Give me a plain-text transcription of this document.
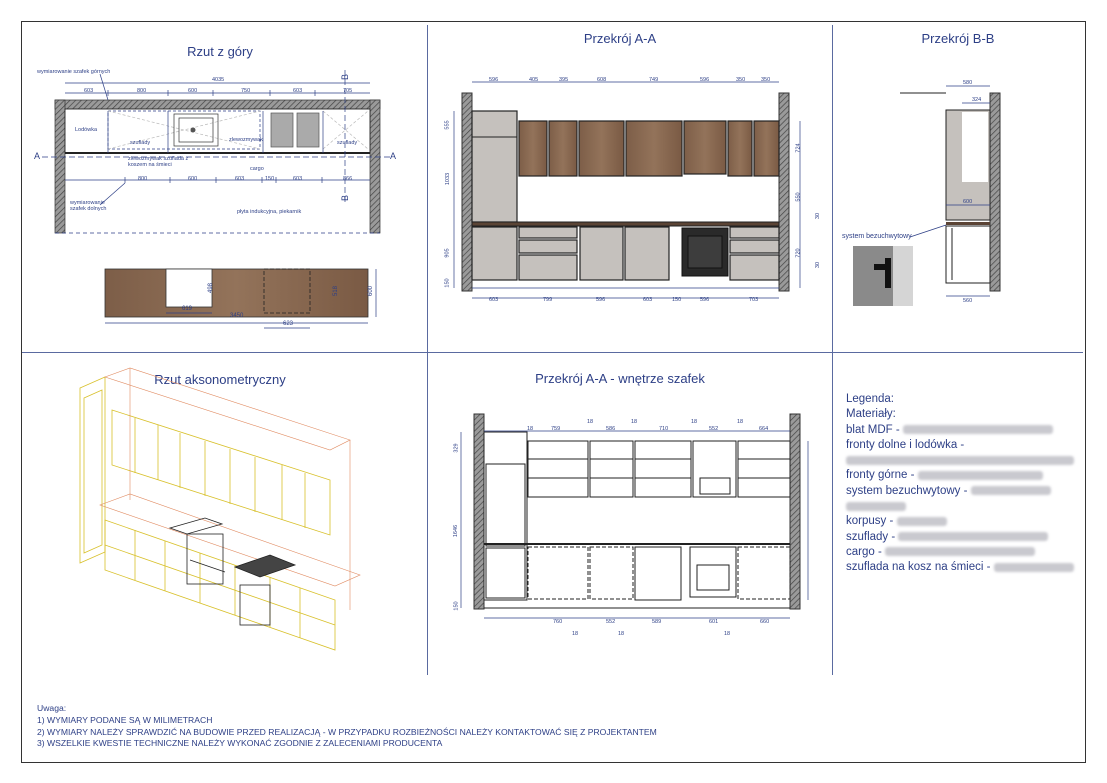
Rzut z góry
Przekrój A-A	Przekrój B-B
Rzut aksonometryczny	Przekrój A-A - wnętrze szafek
wymiarowanie szafek górnych
4035
603	800	600	750	603	705
Lodówka
szuflady	zlewozmywak	szuflady
zlewozmywak szuflada z koszem na śmieci
cargo
800	600	603	150	603	866
wymiarowanie szafek dolnych	płyta indukcyjna, piekarnik
A	A
B
B
3450
619
623
498	518	600
596	405	395	608	749	596	350	350
603	799	596	603	150	596	703
555
1033
905
150
724
550
30
720
30
580
324
600
560
system bezuchwytowy
759	586	710	552	664
760	552	589	601	660
329
1646
150
18
18	18	18	18
18	18	18
Legenda:
Materiały:
blat MDF -
fronty dolne i lodówka -
fronty górne -
system bezuchwytowy -
korpusy -
szuflady -
cargo -
szuflada na kosz na śmieci -
Uwaga:
1) WYMIARY PODANE SĄ W MILIMETRACH
2) WYMIARY NALEŻY SPRAWDZIĆ NA BUDOWIE PRZED REALIZACJĄ - W PRZYPADKU ROZBIEŻNOŚCI NALEŻY KONTAKTOWAĆ SIĘ Z PROJEKTANTEM
3) WSZELKIE KWESTIE TECHNICZNE NALEŻY WYKONAĆ ZGODNIE Z ZALECENIAMI PRODUCENTA
